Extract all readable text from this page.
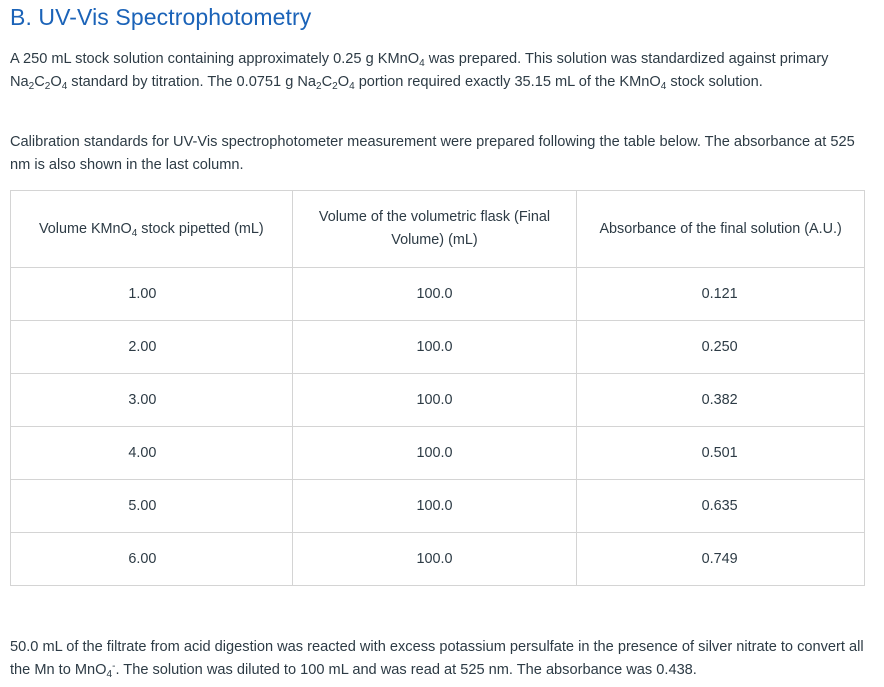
B. UV-Vis Spectrophotometry

A 250 mL stock solution containing approximately 0.25 g KMnO$_4$ was prepared. This solution was standardized against primary $Na_2C_2O_4$ standard by titration. The 0.0751 g $Na_2C_2O_4$ portion required exactly 35.15 mL of the KMnO$_4$ stock solution.

Calibration standards for UV-Vis spectrophotometer measurement were prepared following the table below. The absorbance at 525 nm is also shown in the last column.

Volume KMnO$_4$ stock pipetted (mL)	Volume of the volumetric flask (Final Volume) (mL)	Absorbance of the final solution (A.U.)
1.00	100.0	0.121
2.00	100.0	0.250
3.00	100.0	0.382
4.00	100.0	0.501
5.00	100.0	0.635
6.00	100.0	0.749

50.0 mL of the filtrate from acid digestion was reacted with excess potassium persulfate in the presence of silver nitrate to convert all the Mn to MnO$_4$-. The solution was diluted to 100 mL and was read at 525 nm. The absorbance was 0.438.
